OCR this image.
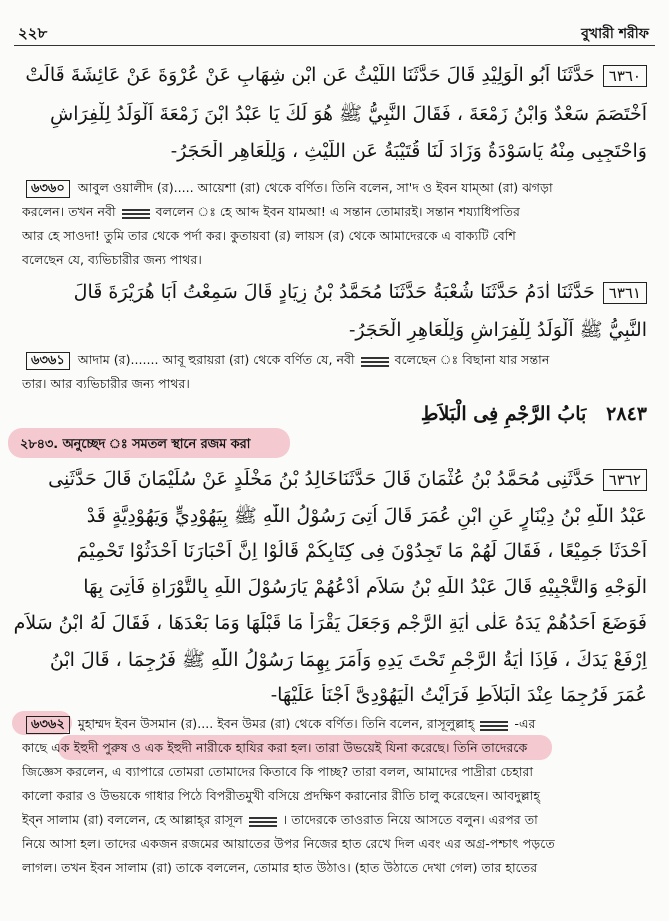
২২৮	বুখারী শরীফ
٦٣٦٠حَدَّثَنَا اَبُو الْوَلِيْدِ قَالَ حَدَّثَنَا اللَّيْثُ عَنِ ابْنِ شِهَابٍ عَنْ عُرْوَةَ عَنْ عَائِشَةَ قَالَتْ
اَخْتَصَمَ سَعْدٌ وَابْنُ زَمْعَةَ ، فَقَالَ النَّبِيُّ ﷺ هُوَ لَكَ يَا عَبْدُ ابْنَ زَمْعَةَ اَلْوَلَدُ لِلْفِرَاشِ
وَاحْتَجِبِى مِنْهُ يَاسَوْدَةُ وَزَادَ لَنَا قُتَيْبَةُ عَنِ اللَّيْثِ ، وَلِلْعَاهِرِ الْحَجَرُ-
৬৩৬০ আবুল ওয়ালীদ (র)..... আয়েশা (রা) থেকে বর্ণিত। তিনি বলেন, সা'দ ও ইবন যাম্‌আ (রা) ঝগড়া
করলেন। তখন নবী	বললেন ঃ হে আব্দ ইবন যামআ! এ সন্তান তোমারই। সন্তান শয্যাধিপতির
আর হে সাওদা! তুমি তার থেকে পর্দা কর। কুতায়বা (র) লায়স (র) থেকে আমাদেরকে এ বাক্যটি বেশি
বলেছেন যে, ব্যভিচারীর জন্য পাথর।
٦٣٦١حَدَّثَنَا اٰدَمُ حَدَّثَنَا شُعْبَةُ حَدَّثَنَا مُحَمَّدُ بْنُ زِيَادٍ قَالَ سَمِعْتُ اَبَا هُرَيْرَةَ قَالَ
النَّبِيُّ ﷺ اَلْوَلَدُ لِلْفِرَاشِ وَلِلْعَاهِرِ الْحَجَرُ-
৬৩৬১ আদাম (র)....... আবূ হুরায়রা (রা) থেকে বর্ণিত যে, নবী	বলেছেন ঃ বিছানা যার সন্তান
তার। আর ব্যভিচারীর জন্য পাথর।
٢٨٤٣   بَابُ الرَّجْمِ فِى الْبَلاَطِ
২৮৪৩. অনুচ্ছেদ ঃ সমতল স্থানে রজম করা
٦٣٦٢حَدَّثَنِى مُحَمَّدُ بْنُ عُثْمَانَ قَالَ حَدَّثَنَاخَالِدُ بْنُ مَخْلَدٍ عَنْ سُلَيْمَانَ قَالَ حَدَّثَنِى
عَبْدُ اللّٰهِ بْنُ دِيْنَارٍ عَنِ ابْنِ عُمَرَ قَالَ اُتِىَ رَسُوْلُ اللّٰهِ ﷺ بِيَهُوْدِيٍّ وَيَهُوْدِيَّةٍ قَدْ
اَحْدَثَا جَمِيْعًا ، فَقَالَ لَهُمْ مَا تَجِدُوْنَ فِى كِتَابِكُمْ قَالُوْا اِنَّ اَحْبَارَنَا اَحْدَثُوْا تَحْمِيْمَ
الْوَجْهِ وَالتَّجْبِيْهِ قَالَ عَبْدُ اللّٰهِ بْنُ سَلاَمٍ اُدْعُهُمْ يَارَسُوْلَ اللّٰهِ بِالتَّوْرَاةِ فَاُتِىَ بِهَا
فَوَضَعَ اَحَدُهُمْ يَدَهُ عَلٰى اٰيَةِ الرَّجْمِ وَجَعَلَ يَقْرَأُ مَا قَبْلَهَا وَمَا بَعْدَهَا ، فَقَالَ لَهُ ابْنُ سَلاَمٍ
اِرْفَعْ يَدَكَ ، فَاِذَا اٰيَةُ الرَّجْمِ تَحْتَ يَدِهِ وَاَمَرَ بِهِمَا رَسُوْلُ اللّٰهِ ﷺ فَرُجِمَا ، قَالَ ابْنُ
عُمَرَ فَرُجِمَا عِنْدَ الْبَلاَطِ فَرَاَيْتُ الْيَهُوْدِىَّ اَجْنَأَ عَلَيْهَا-
৬৩৬২ মুহাম্মদ ইবন উসমান (র).... ইবন উমর (রা) থেকে বর্ণিত। তিনি বলেন, রাসূলুল্লাহ্	-এর
কাছে এক ইহুদী পুরুষ ও এক ইহুদী নারীকে হাযির করা হল। তারা উভয়েই যিনা করেছে। তিনি তাদেরকে
জিজ্ঞেস করলেন, এ ব্যাপারে তোমরা তোমাদের কিতাবে কি পাচ্ছ? তারা বলল, আমাদের পাদ্রীরা চেহারা
কালো করার ও উভয়কে গাধার পিঠে বিপরীতমুখী বসিয়ে প্রদক্ষিণ করানোর রীতি চালু করেছেন। আবদুল্লাহ্
ইব্‌ন সালাম (রা) বললেন, হে আল্লাহ্‌র রাসূল	। তাদেরকে তাওরাত নিয়ে আসতে বলুন। এরপর তা
নিয়ে আসা হল। তাদের একজন রজমের আয়াতের উপর নিজের হাত রেখে দিল এবং এর অগ্র-পশ্চাৎ পড়তে
লাগল। তখন ইবন সালাম (রা) তাকে বললেন, তোমার হাত উঠাও। (হাত উঠাতে দেখা গেল) তার হাতের
